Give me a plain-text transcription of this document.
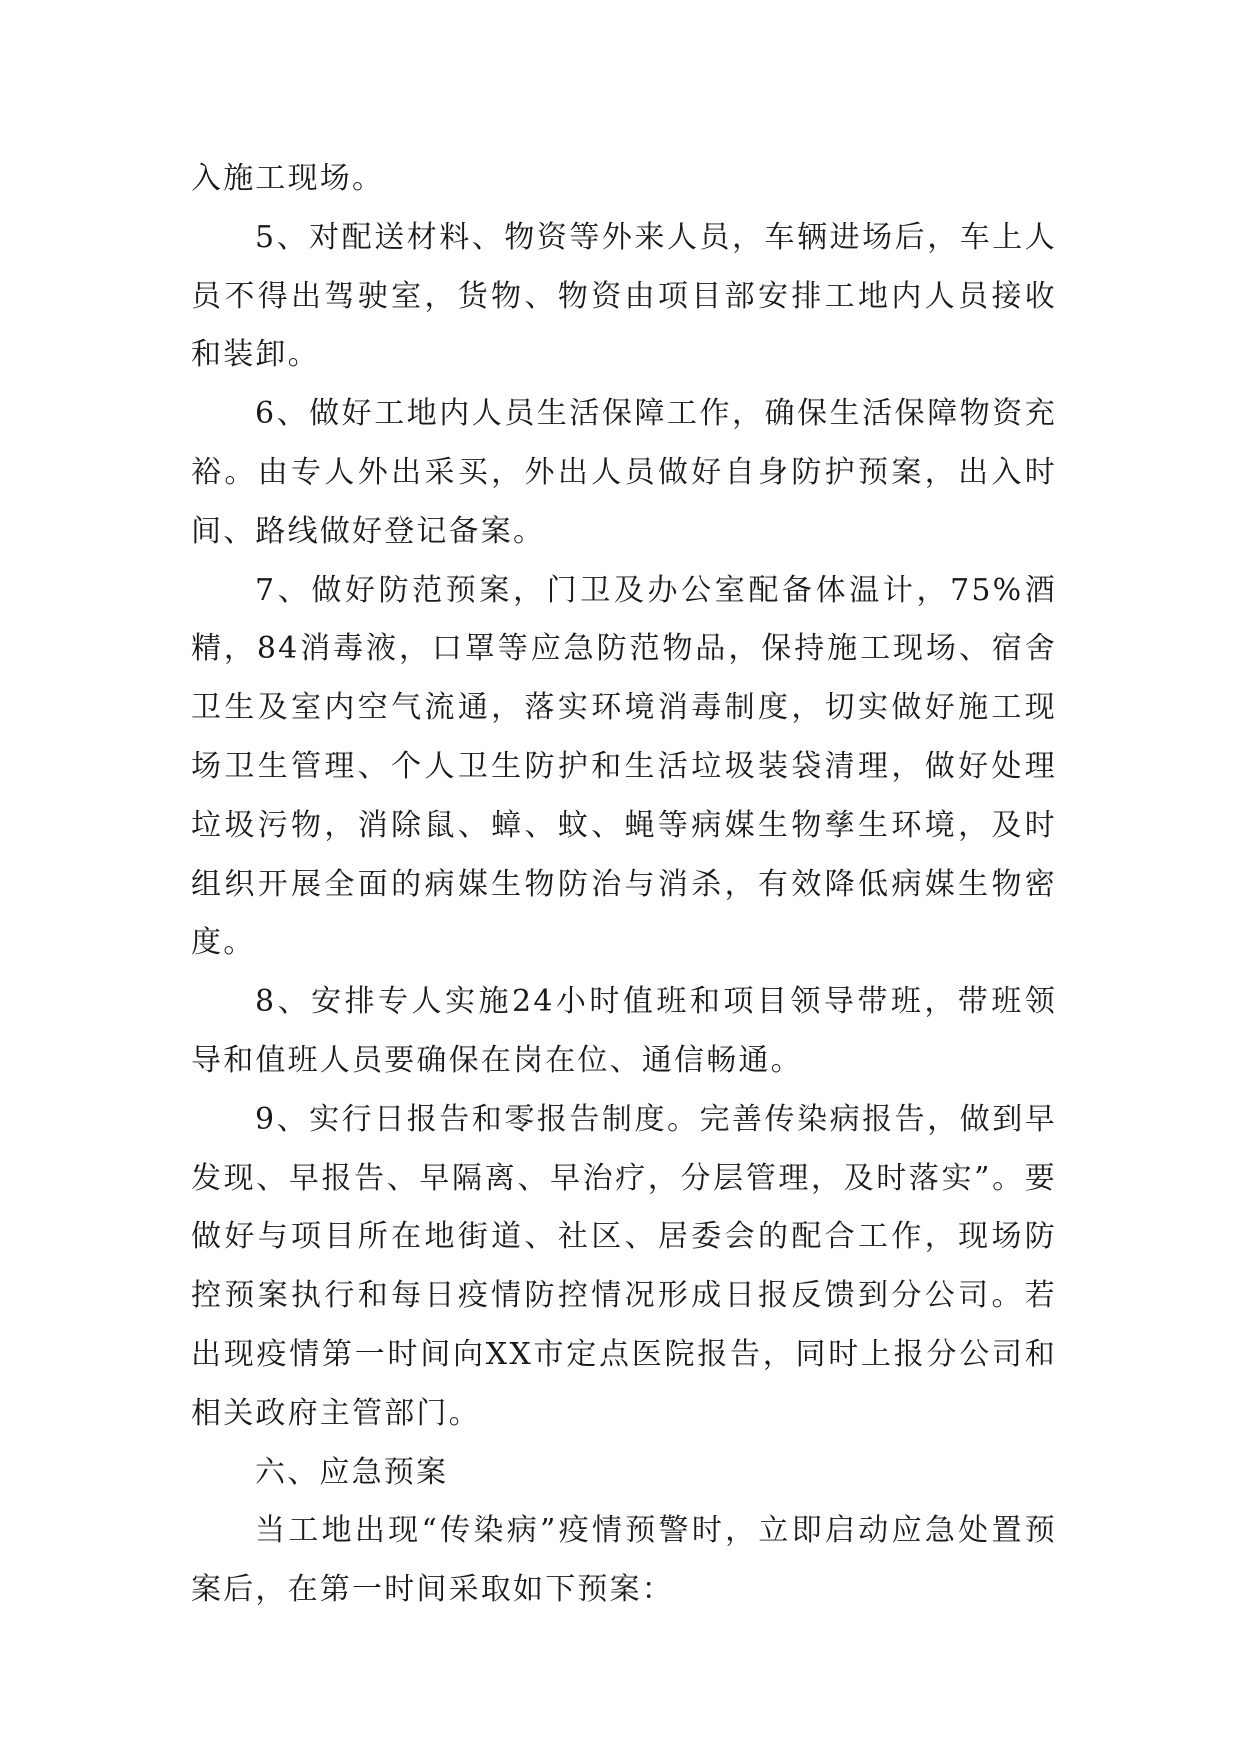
入施工现场。

5、对配送材料、物资等外来人员，车辆进场后，车上人员不得出驾驶室，货物、物资由项目部安排工地内人员接收和装卸。

6、做好工地内人员生活保障工作，确保生活保障物资充裕。由专人外出采买，外出人员做好自身防护预案，出入时间、路线做好登记备案。

7、做好防范预案，门卫及办公室配备体温计，75%酒精，84消毒液，口罩等应急防范物品，保持施工现场、宿舍卫生及室内空气流通，落实环境消毒制度，切实做好施工现场卫生管理、个人卫生防护和生活垃圾装袋清理，做好处理垃圾污物，消除鼠、蟑、蚊、蝇等病媒生物孳生环境，及时组织开展全面的病媒生物防治与消杀，有效降低病媒生物密度。

8、安排专人实施24小时值班和项目领导带班，带班领导和值班人员要确保在岗在位、通信畅通。

9、实行日报告和零报告制度。完善传染病报告，做到早发现、早报告、早隔离、早治疗，分层管理，及时落实”。要做好与项目所在地街道、社区、居委会的配合工作，现场防控预案执行和每日疫情防控情况形成日报反馈到分公司。若出现疫情第一时间向XX市定点医院报告，同时上报分公司和相关政府主管部门。

六、应急预案

当工地出现“传染病”疫情预警时，立即启动应急处置预案后，在第一时间采取如下预案：
